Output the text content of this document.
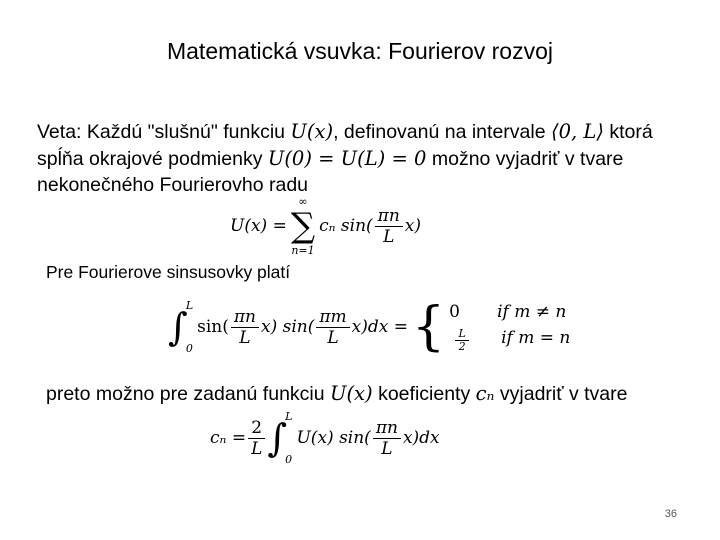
Matematická vsuvka: Fourierov rozvoj
Veta: Každú "slušnú" funkciu U(x), definovanú na intervale ⟨0, L⟩ ktorá
spĺňa okrajové podmienky U(0) = U(L) = 0 možno vyjadriť v tvare
nekonečného Fourierovho radu
U(x) =
∞
∑
n=1
cₙ $\sin( \frac{\pi n}{L} x)$
Pre Fourierove sinsusovky platí
∫
L
0
$\sin( \frac{\pi n}{L} x)$ $\sin( \frac{\pi m}{L} x)dx$ = { 0	if m ≠ n
$\frac{L}{2}$ if m = n
preto možno pre zadanú funkciu U(x) koeficienty cₙ vyjadriť v tvare
$c_n = \frac{2}{L}$ ∫
L
0
U(x) $\sin( \frac{\pi n}{L} x)dx$
36
